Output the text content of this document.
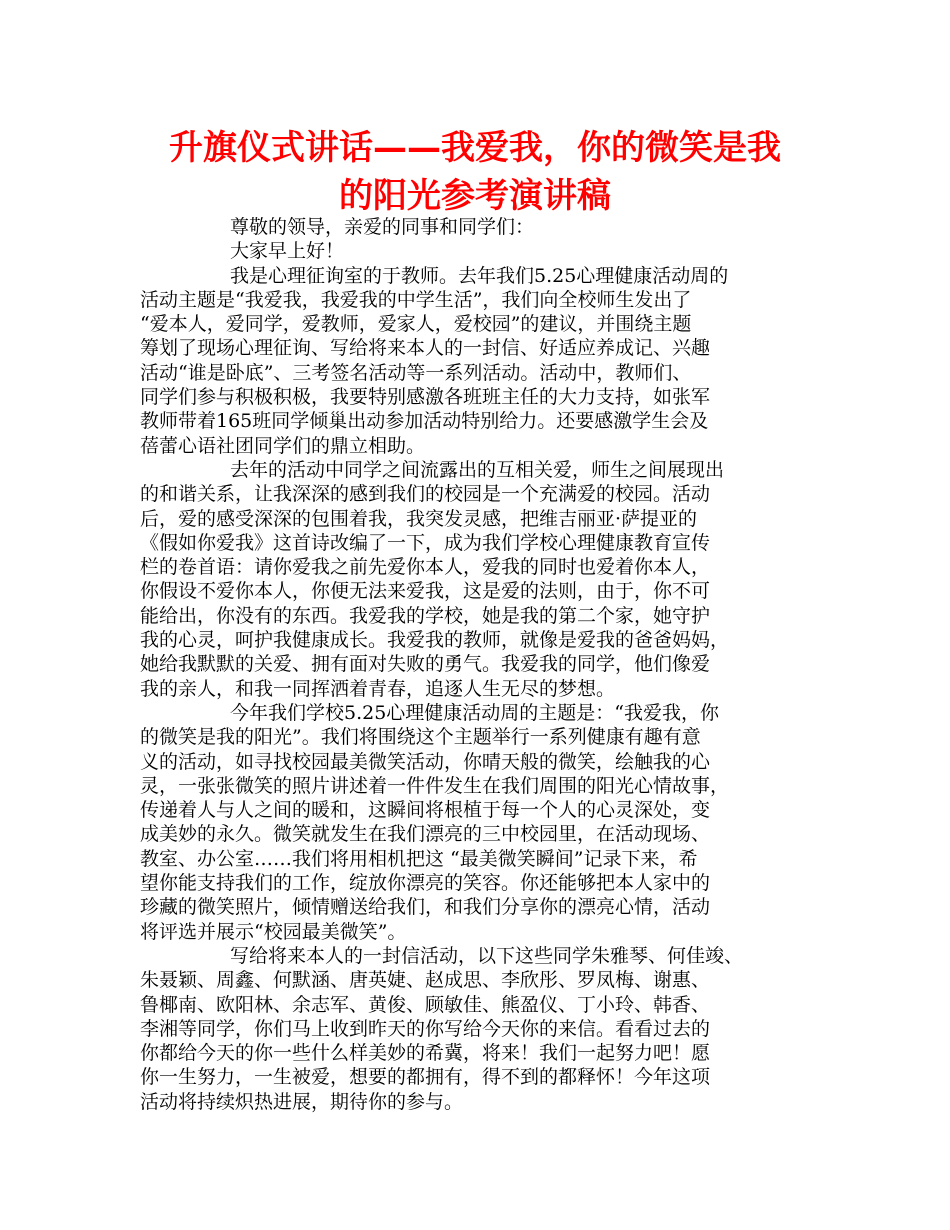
升旗仪式讲话——我爱我，你的微笑是我
的阳光参考演讲稿
尊敬的领导，亲爱的同事和同学们：
大家早上好！
我是心理征询室的于教师。去年我们5.25心理健康活动周的
活动主题是“我爱我，我爱我的中学生活”，我们向全校师生发出了
“爱本人，爱同学，爱教师，爱家人，爱校园”的建议，并围绕主题
筹划了现场心理征询、写给将来本人的一封信、好适应养成记、兴趣
活动“谁是卧底”、三考签名活动等一系列活动。活动中，教师们、
同学们参与积极积极，我要特别感激各班班主任的大力支持，如张军
教师带着165班同学倾巢出动参加活动特别给力。还要感激学生会及
蓓蕾心语社团同学们的鼎立相助。
去年的活动中同学之间流露出的互相关爱，师生之间展现出
的和谐关系，让我深深的感到我们的校园是一个充满爱的校园。活动
后，爱的感受深深的包围着我，我突发灵感，把维吉丽亚·萨提亚的
《假如你爱我》这首诗改编了一下，成为我们学校心理健康教育宣传
栏的卷首语：请你爱我之前先爱你本人，爱我的同时也爱着你本人，
你假设不爱你本人，你便无法来爱我，这是爱的法则，由于，你不可
能给出，你没有的东西。我爱我的学校，她是我的第二个家，她守护
我的心灵，呵护我健康成长。我爱我的教师，就像是爱我的爸爸妈妈，
她给我默默的关爱、拥有面对失败的勇气。我爱我的同学，他们像爱
我的亲人，和我一同挥洒着青春，追逐人生无尽的梦想。
今年我们学校5.25心理健康活动周的主题是：“我爱我，你
的微笑是我的阳光”。我们将围绕这个主题举行一系列健康有趣有意
义的活动，如寻找校园最美微笑活动，你晴天般的微笑，绘触我的心
灵，一张张微笑的照片讲述着一件件发生在我们周围的阳光心情故事，
传递着人与人之间的暖和，这瞬间将根植于每一个人的心灵深处，变
成美妙的永久。微笑就发生在我们漂亮的三中校园里，在活动现场、
教室、办公室……我们将用相机把这 “最美微笑瞬间”记录下来，希
望你能支持我们的工作，绽放你漂亮的笑容。你还能够把本人家中的
珍藏的微笑照片，倾情赠送给我们，和我们分享你的漂亮心情，活动
将评选并展示“校园最美微笑”。
写给将来本人的一封信活动，以下这些同学朱雅琴、何佳竣、
朱聂颖、周鑫、何默涵、唐英婕、赵成思、李欣彤、罗凤梅、谢惠、
鲁椰南、欧阳林、余志军、黄俊、顾敏佳、熊盈仪、丁小玲、韩香、
李湘等同学，你们马上收到昨天的你写给今天你的来信。看看过去的
你都给今天的你一些什么样美妙的希冀，将来！我们一起努力吧！愿
你一生努力，一生被爱，想要的都拥有，得不到的都释怀！今年这项
活动将持续炽热进展，期待你的参与。
